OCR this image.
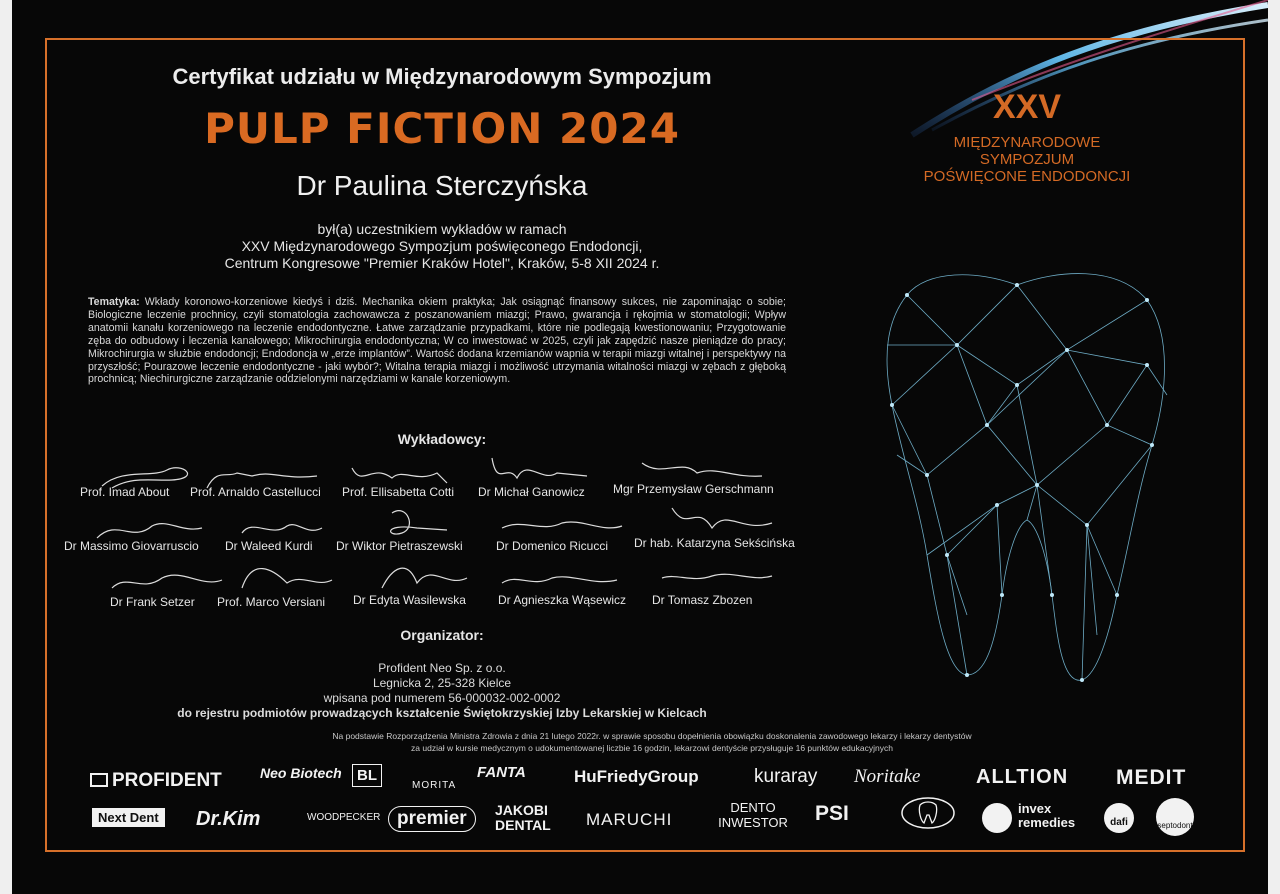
Certyfikat udziału w Międzynarodowym Sympozjum
PULP FICTION 2024
Dr Paulina Sterczyńska
był(a) uczestnikiem wykładów w ramach
XXV Międzynarodowego Sympozjum poświęconego Endodoncji,
Centrum Kongresowe "Premier Kraków Hotel", Kraków, 5-8 XII 2024 r.
Tematyka: Wkłady koronowo-korzeniowe kiedyś i dziś. Mechanika okiem praktyka; Jak osiągnąć finansowy sukces, nie zapominając o sobie; Biologiczne leczenie prochnicy, czyli stomatologia zachowawcza z poszanowaniem miazgi; Prawo, gwarancja i rękojmia w stomatologii; Wpływ anatomii kanału korzeniowego na leczenie endodontyczne. Łatwe zarządzanie przypadkami, które nie podlegają kwestionowaniu; Przygotowanie zęba do odbudowy i leczenia kanałowego; Mikrochirurgia endodontyczna; W co inwestować w 2025, czyli jak zapędzić nasze pieniądze do pracy; Mikrochirurgia w służbie endodoncji; Endodoncja w „erze implantów”. Wartość dodana krzemianów wapnia w terapii miazgi witalnej i perspektywy na przyszłość; Pourazowe leczenie endodontyczne - jaki wybór?; Witalna terapia miazgi i możliwość utrzymania witalności miazgi w zębach z głęboką prochnicą; Niechirurgiczne zarządzanie oddzielonymi narzędziami w kanale korzeniowym.
Wykładowcy:
Prof. Imad About Prof. Arnaldo Castellucci Prof. Ellisabetta Cotti Dr Michał Ganowicz Mgr Przemysław Gerschmann
Dr Massimo Giovarruscio Dr Waleed Kurdi Dr Wiktor Pietraszewski	Dr Domenico Ricucci Dr hab. Katarzyna Sekścińska
Dr Frank Setzer Prof. Marco Versiani Dr Edyta Wasilewska	Dr Agnieszka Wąsewicz Dr Tomasz Zbozen
Organizator:
Profident Neo Sp. z o.o.
Legnicka 2, 25-328 Kielce
wpisana pod numerem 56-000032-002-0002
do rejestru podmiotów prowadzących kształcenie Świętokrzyskiej Izby Lekarskiej w Kielcach
Na podstawie Rozporządzenia Ministra Zdrowia z dnia 21 lutego 2022r. w sprawie sposobu dopełnienia obowiązku doskonalenia zawodowego lekarzy i lekarzy dentystów
za udział w kursie medycznym o udokumentowanej liczbie 16 godzin, lekarzowi dentyście przysługuje 16 punktów edukacyjnych
XXV
MIĘDZYNARODOWE
SYMPOZJUM
POŚWIĘCONE ENDODONCJI
PROFIDENT	Neo Biotech	BL
MORITA
FANTA	HuFriedyGroup	kuraray Noritake	ALLTION MEDIT
Next Dent	Dr.Kim	WOODPECKER premier	JAKOBI DENTAL	MARUCHI
DENTO INWESTOR	PSI	invex remedies	dafi	septodont
